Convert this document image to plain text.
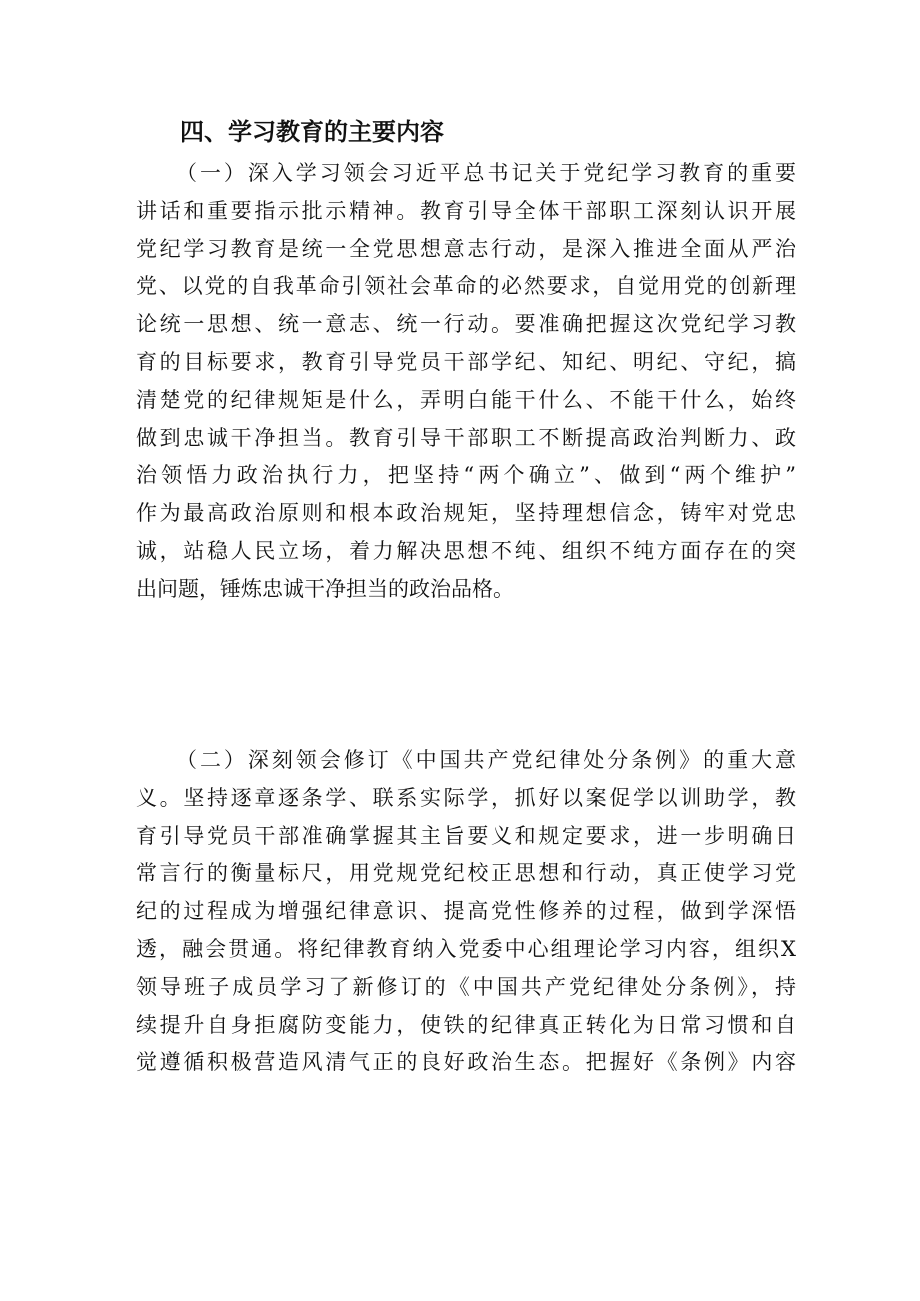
四、学习教育的主要内容
（一）深入学习领会习近平总书记关于党纪学习教育的重要
讲话和重要指示批示精神。教育引导全体干部职工深刻认识开展
党纪学习教育是统一全党思想意志行动，是深入推进全面从严治
党、以党的自我革命引领社会革命的必然要求，自觉用党的创新理
论统一思想、统一意志、统一行动。要准确把握这次党纪学习教
育的目标要求，教育引导党员干部学纪、知纪、明纪、守纪，搞
清楚党的纪律规矩是什么，弄明白能干什么、不能干什么，始终
做到忠诚干净担当。教育引导干部职工不断提高政治判断力、政
治领悟力政治执行力，把坚持“两个确立”、做到“两个维护”
作为最高政治原则和根本政治规矩，坚持理想信念，铸牢对党忠
诚，站稳人民立场，着力解决思想不纯、组织不纯方面存在的突
出问题，锤炼忠诚干净担当的政治品格。
（二）深刻领会修订《中国共产党纪律处分条例》的重大意
义。坚持逐章逐条学、联系实际学，抓好以案促学以训助学，教
育引导党员干部准确掌握其主旨要义和规定要求，进一步明确日
常言行的衡量标尺，用党规党纪校正思想和行动，真正使学习党
纪的过程成为增强纪律意识、提高党性修养的过程，做到学深悟
透，融会贯通。将纪律教育纳入党委中心组理论学习内容，组织X
领导班子成员学习了新修订的《中国共产党纪律处分条例》，持
续提升自身拒腐防变能力，使铁的纪律真正转化为日常习惯和自
觉遵循积极营造风清气正的良好政治生态。把握好《条例》内容
